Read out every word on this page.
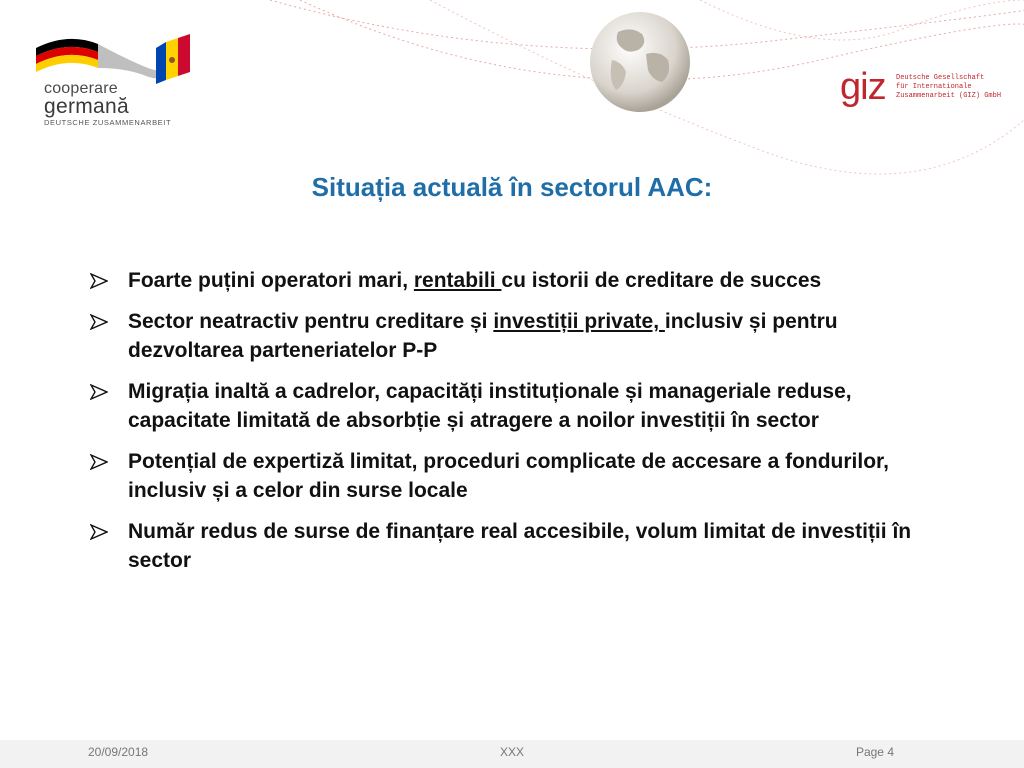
cooperare
germană
DEUTSCHE ZUSAMMENARBEIT
giz Deutsche Gesellschaft
für Internationale
Zusammenarbeit (GIZ) GmbH
Situația actuală în sectorul AAC:
Foarte puțini operatori mari, rentabili cu istorii de creditare de succes
Sector neatractiv pentru creditare și investiții private, inclusiv și pentru dezvoltarea parteneriatelor P-P
Migrația inaltă a cadrelor, capacități instituționale și manageriale reduse, capacitate limitată de absorbție și atragere a noilor investiții în sector
Potențial de expertiză limitat, proceduri complicate de accesare a fondurilor, inclusiv și a celor din surse locale
Număr redus de surse de finanțare real accesibile, volum limitat de investiții în sector
20/09/2018	XXX	Page 4
